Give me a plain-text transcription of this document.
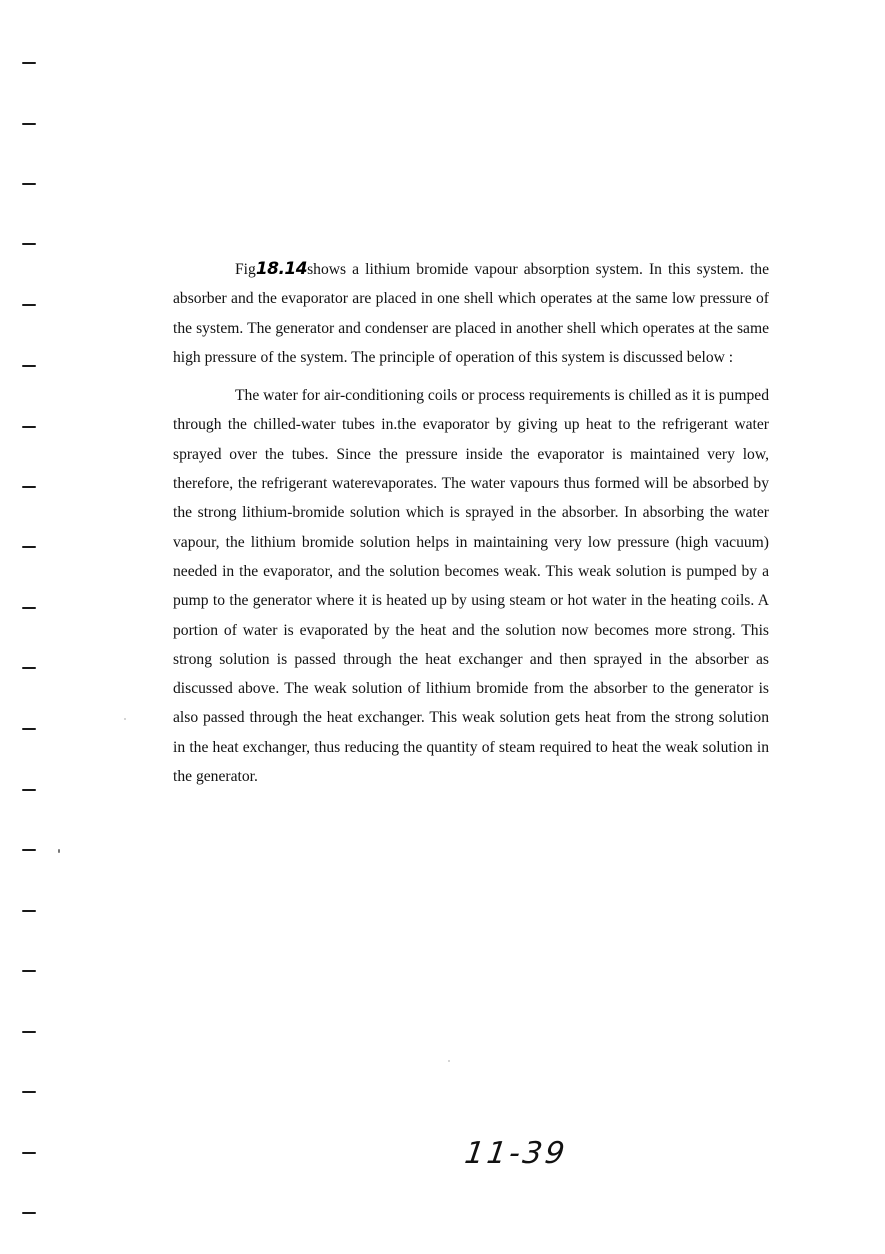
Fig18.14shows a lithium bromide vapour absorption system. In this system. the absorber and the evaporator are placed in one shell which operates at the same low pressure of the system. The generator and condenser are placed in another shell which operates at the same high pressure of the system. The principle of operation of this system is discussed below :

The water for air-conditioning coils or process requirements is chilled as it is pumped through the chilled-water tubes in.the evaporator by giving up heat to the refrigerant water sprayed over the tubes. Since the pressure inside the evaporator is maintained very low, therefore, the refrigerant waterevaporates. The water vapours thus formed will be absorbed by the strong lithium-bromide solution which is sprayed in the absorber. In absorbing the water vapour, the lithium bromide solution helps in maintaining very low pressure (high vacuum) needed in the evaporator, and the solution becomes weak. This weak solution is pumped by a pump to the generator where it is heated up by using steam or hot water in the heating coils. A portion of water is evaporated by the heat and the solution now becomes more strong. This strong solution is passed through the heat exchanger and then sprayed in the absorber as discussed above. The weak solution of lithium bromide from the absorber to the generator is also passed through the heat exchanger. This weak solution gets heat from the strong solution in the heat exchanger, thus reducing the quantity of steam required to heat the weak solution in the generator.

11-39
